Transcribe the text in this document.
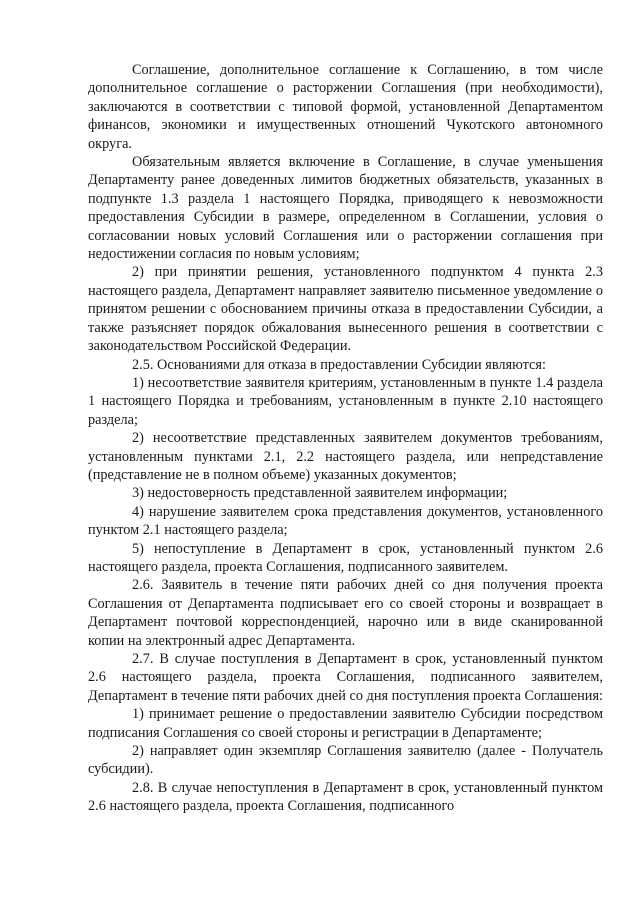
Соглашение, дополнительное соглашение к Соглашению, в том числе дополнительное соглашение о расторжении Соглашения (при необходимости), заключаются в соответствии с типовой формой, установленной Департаментом финансов, экономики и имущественных отношений Чукотского автономного округа.

Обязательным является включение в Соглашение, в случае уменьшения Департаменту ранее доведенных лимитов бюджетных обязательств, указанных в подпункте 1.3 раздела 1 настоящего Порядка, приводящего к невозможности предоставления Субсидии в размере, определенном в Соглашении, условия о согласовании новых условий Соглашения или о расторжении соглашения при недостижении согласия по новым условиям;

2) при принятии решения, установленного подпунктом 4 пункта 2.3 настоящего раздела, Департамент направляет заявителю письменное уведомление о принятом решении с обоснованием причины отказа в предоставлении Субсидии, а также разъясняет порядок обжалования вынесенного решения в соответствии с законодательством Российской Федерации.

2.5. Основаниями для отказа в предоставлении Субсидии являются:

1) несоответствие заявителя критериям, установленным в пункте 1.4 раздела 1 настоящего Порядка и требованиям, установленным в пункте 2.10 настоящего раздела;

2) несоответствие представленных заявителем документов требованиям, установленным пунктами 2.1, 2.2 настоящего раздела, или непредставление (представление не в полном объеме) указанных документов;

3) недостоверность представленной заявителем информации;

4) нарушение заявителем срока представления документов, установленного пунктом 2.1 настоящего раздела;

5) непоступление в Департамент в срок, установленный пунктом 2.6 настоящего раздела, проекта Соглашения, подписанного заявителем.

2.6. Заявитель в течение пяти рабочих дней со дня получения проекта Соглашения от Департамента подписывает его со своей стороны и возвращает в Департамент почтовой корреспонденцией, нарочно или в виде сканированной копии на электронный адрес Департамента.

2.7. В случае поступления в Департамент в срок, установленный пунктом 2.6 настоящего раздела, проекта Соглашения, подписанного заявителем, Департамент в течение пяти рабочих дней со дня поступления проекта Соглашения:

1) принимает решение о предоставлении заявителю Субсидии посредством подписания Соглашения со своей стороны и регистрации в Департаменте;

2) направляет один экземпляр Соглашения заявителю (далее - Получатель субсидии).

2.8. В случае непоступления в Департамент в срок, установленный пунктом 2.6 настоящего раздела, проекта Соглашения, подписанного
